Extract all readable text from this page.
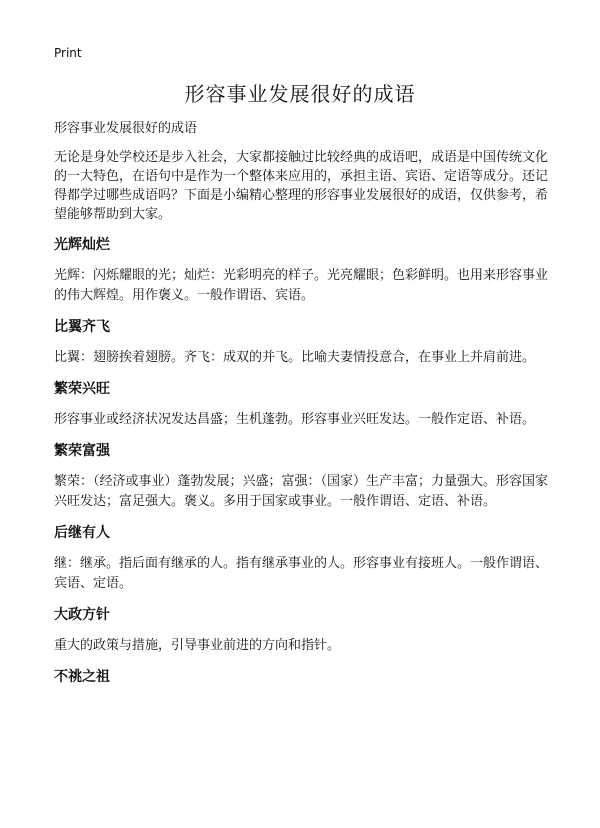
Print
形容事业发展很好的成语

形容事业发展很好的成语

无论是身处学校还是步入社会，大家都接触过比较经典的成语吧，成语是中国传统文化的一大特色，在语句中是作为一个整体来应用的，承担主语、宾语、定语等成分。还记得都学过哪些成语吗？下面是小编精心整理的形容事业发展很好的成语，仅供参考，希望能够帮助到大家。

光辉灿烂

光辉：闪烁耀眼的光；灿烂：光彩明亮的样子。光亮耀眼；色彩鲜明。也用来形容事业的伟大辉煌。用作褒义。一般作谓语、宾语。

比翼齐飞

比翼：翅膀挨着翅膀。齐飞：成双的并飞。比喻夫妻情投意合，在事业上并肩前进。

繁荣兴旺

形容事业或经济状况发达昌盛；生机蓬勃。形容事业兴旺发达。一般作定语、补语。

繁荣富强

繁荣：（经济或事业）蓬勃发展；兴盛；富强：（国家）生产丰富；力量强大。形容国家兴旺发达；富足强大。褒义。多用于国家或事业。一般作谓语、定语、补语。

后继有人

继：继承。指后面有继承的人。指有继承事业的人。形容事业有接班人。一般作谓语、宾语、定语。

大政方针

重大的政策与措施，引导事业前进的方向和指针。

不祧之祖
